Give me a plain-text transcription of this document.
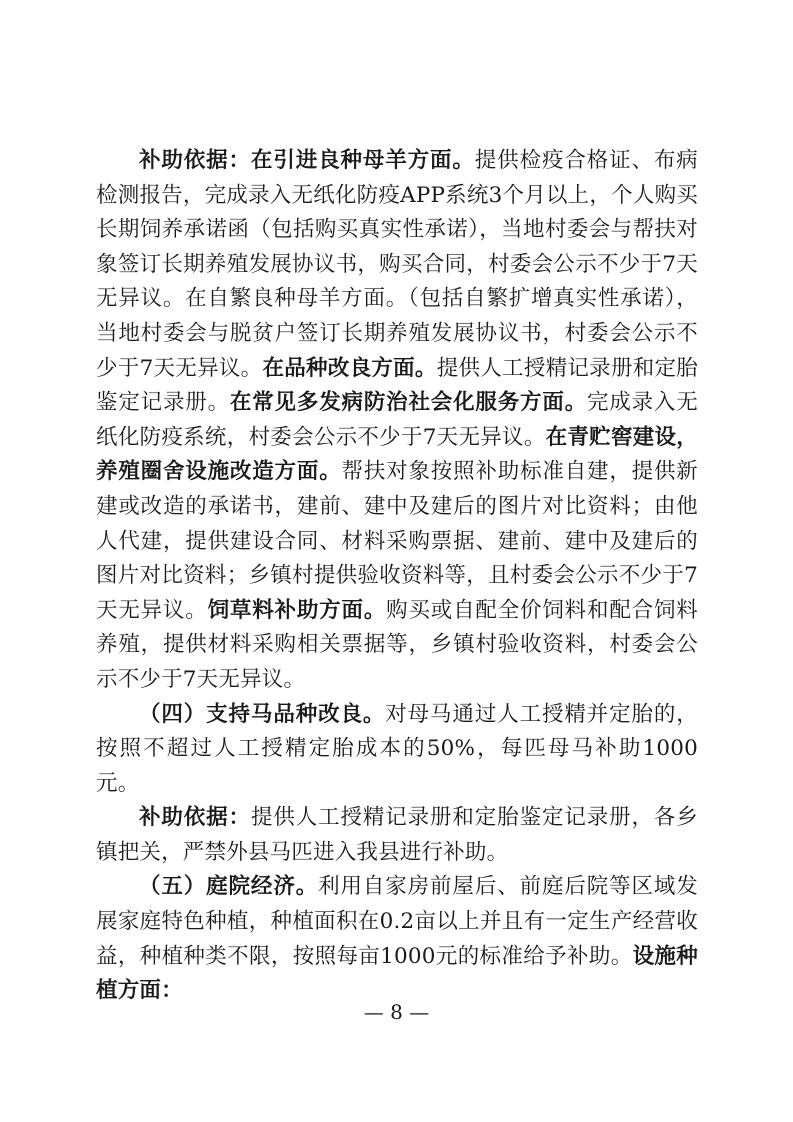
补助依据：在引进良种母羊方面。提供检疫合格证、布病检测报告，完成录入无纸化防疫APP系统3个月以上，个人购买长期饲养承诺函（包括购买真实性承诺），当地村委会与帮扶对象签订长期养殖发展协议书，购买合同，村委会公示不少于7天无异议。在自繁良种母羊方面。（包括自繁扩增真实性承诺），当地村委会与脱贫户签订长期养殖发展协议书，村委会公示不少于7天无异议。在品种改良方面。提供人工授精记录册和定胎鉴定记录册。在常见多发病防治社会化服务方面。完成录入无纸化防疫系统，村委会公示不少于7天无异议。在青贮窖建设，养殖圈舍设施改造方面。帮扶对象按照补助标准自建，提供新建或改造的承诺书，建前、建中及建后的图片对比资料；由他人代建，提供建设合同、材料采购票据、建前、建中及建后的图片对比资料；乡镇村提供验收资料等，且村委会公示不少于7天无异议。饲草料补助方面。购买或自配全价饲料和配合饲料养殖，提供材料采购相关票据等，乡镇村验收资料，村委会公示不少于7天无异议。

（四）支持马品种改良。对母马通过人工授精并定胎的，按照不超过人工授精定胎成本的50%，每匹母马补助1000元。

补助依据：提供人工授精记录册和定胎鉴定记录册，各乡镇把关，严禁外县马匹进入我县进行补助。

（五）庭院经济。利用自家房前屋后、前庭后院等区域发展家庭特色种植，种植面积在0.2亩以上并且有一定生产经营收益，种植种类不限，按照每亩1000元的标准给予补助。设施种植方面：

— 8 —
